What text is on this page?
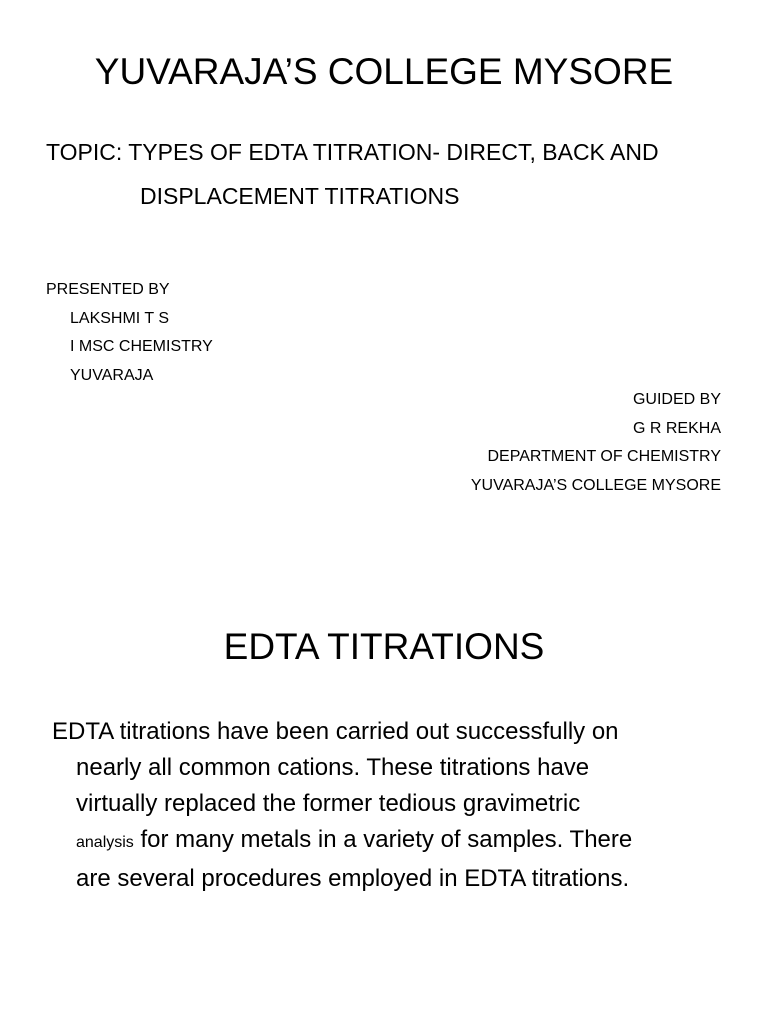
YUVARAJA’S COLLEGE MYSORE
TOPIC: TYPES OF EDTA TITRATION- DIRECT, BACK AND
DISPLACEMENT TITRATIONS
PRESENTED BY
LAKSHMI T S
I MSC CHEMISTRY
YUVARAJA
GUIDED BY
G R REKHA
DEPARTMENT OF CHEMISTRY
YUVARAJA’S COLLEGE MYSORE
EDTA TITRATIONS
EDTA titrations have been carried out successfully on
nearly all common cations. These titrations have
virtually replaced the former tedious gravimetric
analysis for many metals in a variety of samples. There
are several procedures employed in EDTA titrations.
